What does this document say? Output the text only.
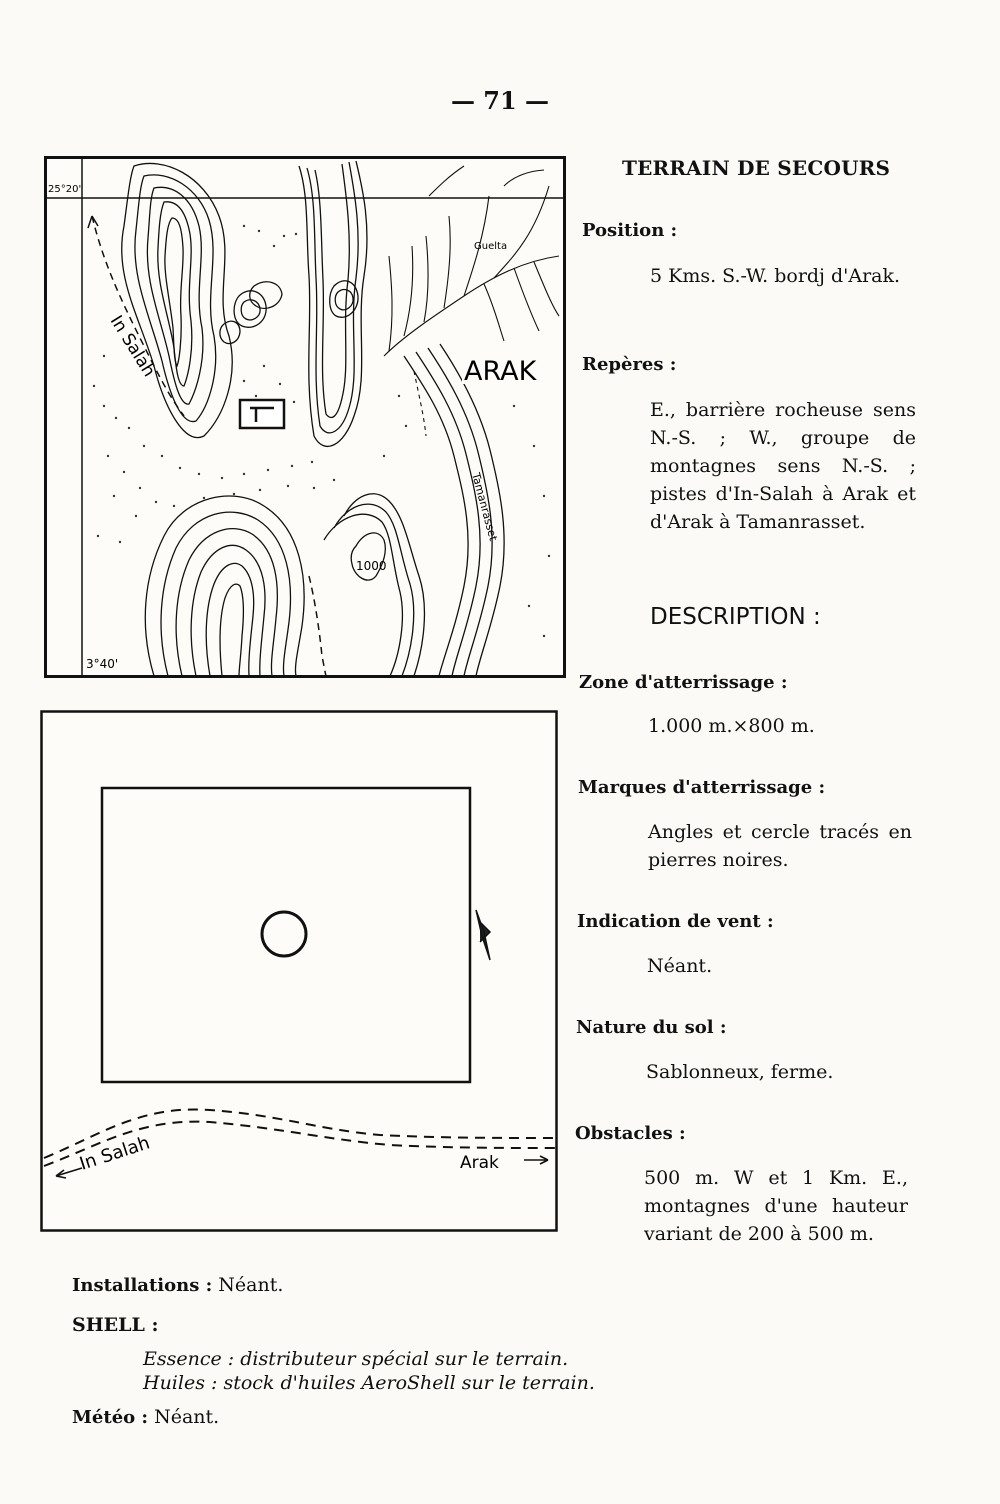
— 71 —
25°20'
3°40'
In Salah	ARAK
Guelta
Tamanrasset
1000
In Salah	Arak
TERRAIN DE SECOURS
Position :
5 Kms. S.-W. bordj d'Arak.
Repères :
E., barrière rocheuse sens N.-S. ; W., groupe de montagnes sens N.-S. ; pistes d'In-Salah à Arak et d'Arak à Tamanrasset.
DESCRIPTION :
Zone d'atterrissage :
1.000 m.×800 m.
Marques d'atterrissage :
Angles et cercle tracés en pierres noires.
Indication de vent :
Néant.
Nature du sol :
Sablonneux, ferme.
Obstacles :
500 m. W et 1 Km. E., montagnes d'une hauteur variant de 200 à 500 m.
Installations : Néant.
SHELL :
Essence : distributeur spécial sur le terrain.
Huiles : stock d'huiles AeroShell sur le terrain.
Météo : Néant.
